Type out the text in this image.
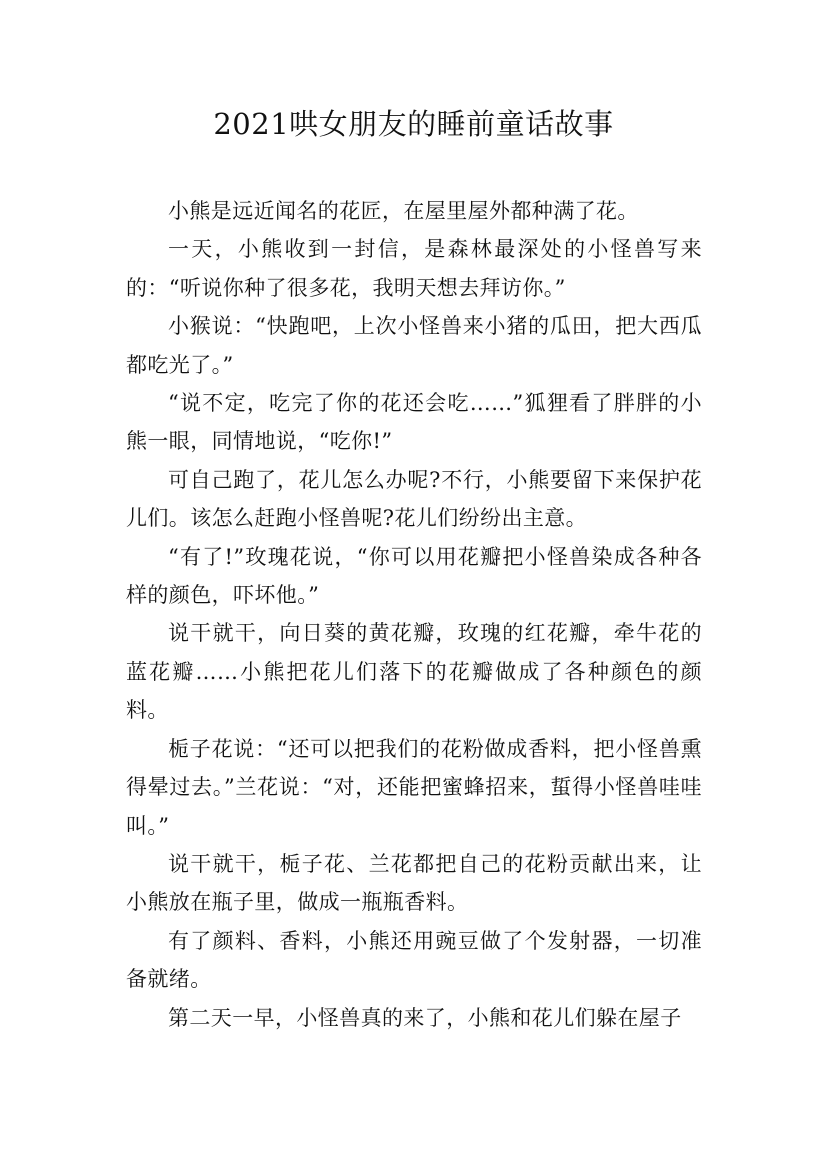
2021哄女朋友的睡前童话故事

小熊是远近闻名的花匠，在屋里屋外都种满了花。

一天，小熊收到一封信，是森林最深处的小怪兽写来的：“听说你种了很多花，我明天想去拜访你。”

小猴说：“快跑吧，上次小怪兽来小猪的瓜田，把大西瓜都吃光了。”

“说不定，吃完了你的花还会吃……”狐狸看了胖胖的小熊一眼，同情地说，“吃你!”

可自己跑了，花儿怎么办呢?不行，小熊要留下来保护花儿们。该怎么赶跑小怪兽呢?花儿们纷纷出主意。

“有了!”玫瑰花说，“你可以用花瓣把小怪兽染成各种各样的颜色，吓坏他。”

说干就干，向日葵的黄花瓣，玫瑰的红花瓣，牵牛花的蓝花瓣……小熊把花儿们落下的花瓣做成了各种颜色的颜料。

栀子花说：“还可以把我们的花粉做成香料，把小怪兽熏得晕过去。”兰花说：“对，还能把蜜蜂招来，蜇得小怪兽哇哇叫。”

说干就干，栀子花、兰花都把自己的花粉贡献出来，让小熊放在瓶子里，做成一瓶瓶香料。

有了颜料、香料，小熊还用豌豆做了个发射器，一切准备就绪。

第二天一早，小怪兽真的来了，小熊和花儿们躲在屋子
